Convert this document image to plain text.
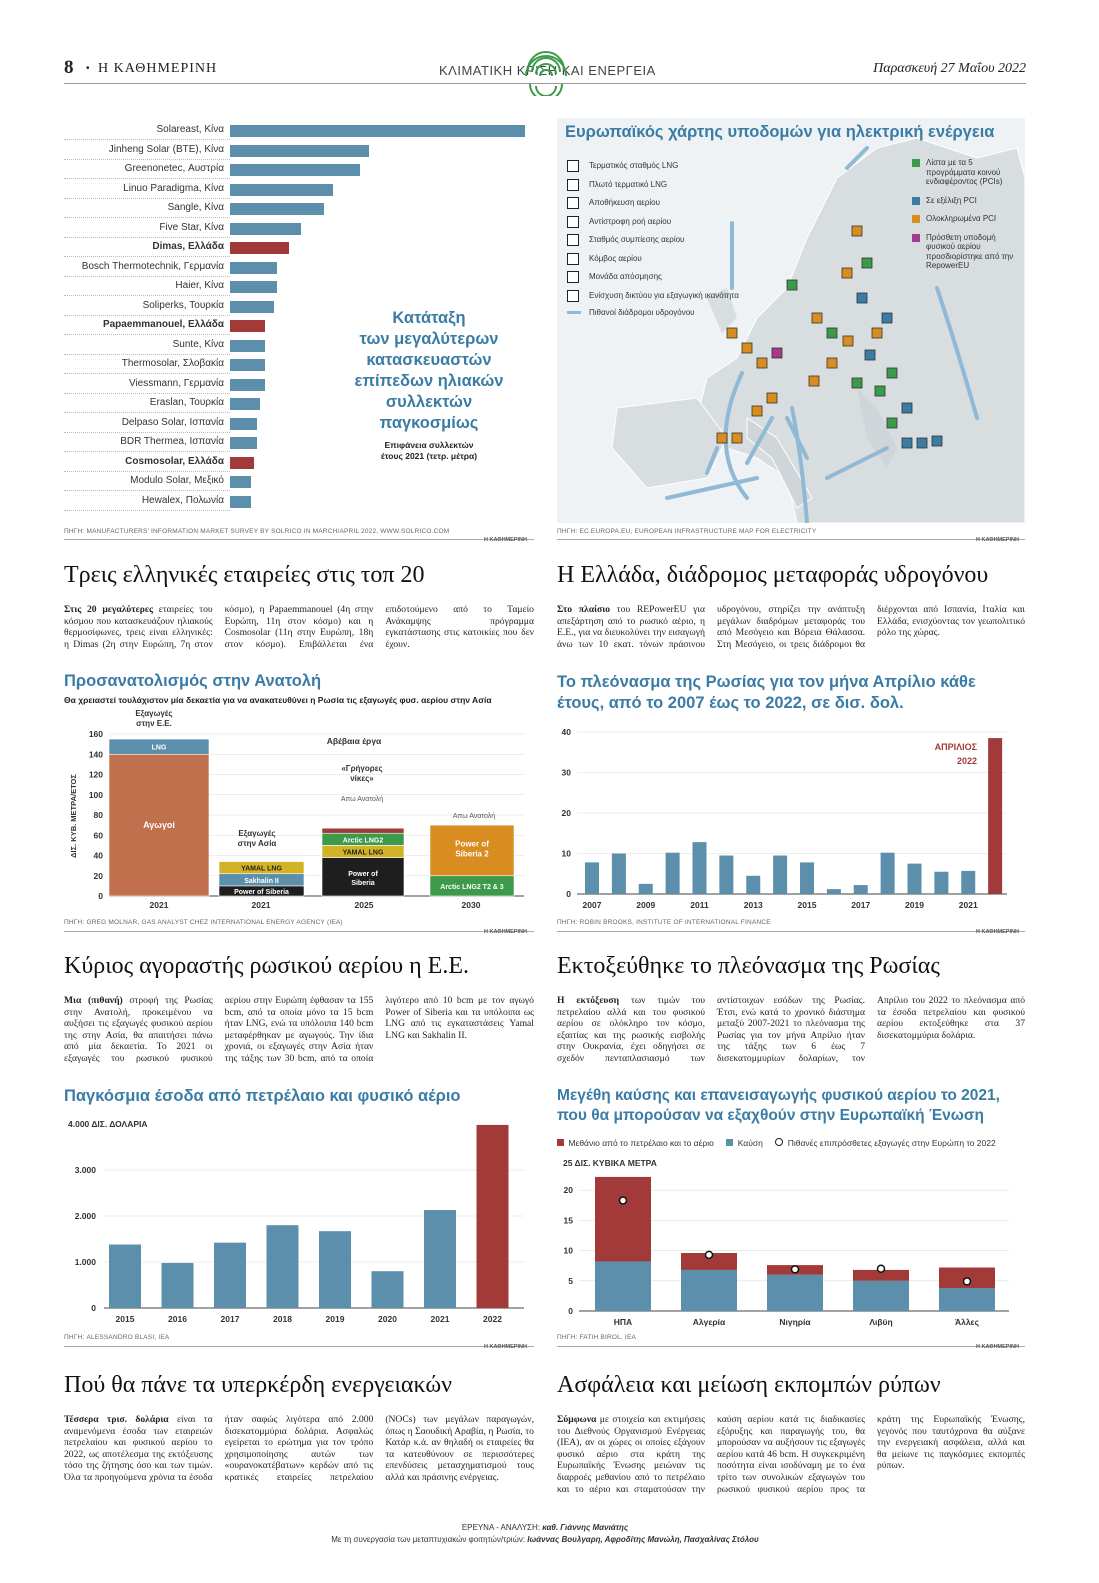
8 • Η ΚΑΘΗΜΕΡΙΝΗ	ΚΛΙΜΑΤΙΚΗ ΚΡΙΣΗ ΚΑΙ ΕΝΕΡΓΕΙΑ	Παρασκευή 27 Μαΐου 2022
Solareast, Κίνα
Jinheng Solar (BTE), Κίνα
Greenonetec, Αυστρία
Linuo Paradigma, Κίνα
Sangle, Κίνα
Five Star, Κίνα
Dimas, Ελλάδα
Bosch Thermotechnik, Γερμανία
Haier, Κίνα
Soliperks, Τουρκία
Papaemmanouel, Ελλάδα
Sunte, Κίνα
Thermosolar, Σλοβακία
Viessmann, Γερμανία
Eraslan, Τουρκία
Delpaso Solar, Ισπανία
BDR Thermea, Ισπανία
Cosmosolar, Ελλάδα
Modulo Solar, Μεξικό
Hewalex, Πολωνία
Κατάταξη
των μεγαλύτερων
κατασκευαστών
επίπεδων ηλιακών
συλλεκτών
παγκοσμίως
Επιφάνεια συλλεκτών
έτους 2021 (τετρ. μέτρα)
ΠΗΓΗ: MANUFACTURERS' INFORMATION MARKET SURVEY BY SOLRICO IN MARCH/APRIL 2022, WWW.SOLRICO.COM
Η ΚΑΘΗΜΕΡΙΝΗ
Ευρωπαϊκός χάρτης υποδομών για ηλεκτρική ενέργεια
Τερματικός σταθμός LNG
Πλωτό τερματικό LNG
Αποθήκευση αερίου
Αντίστροφη ροή αερίου
Σταθμός συμπίεσης αερίου
Κόμβος αερίου
Μονάδα απόσμησης
Ενίσχυση δικτύου για εξαγωγική ικανότητα
Πιθανοί διάδρομοι υδρογόνου
Λίστα με τα 5 προγράμματα κοινού ενδιαφέροντος (PCIs)
Σε εξέλιξη PCI
Ολοκληρωμένα PCI
Πρόσθετη υποδομή φυσικού αερίου προσδιορίστηκε από την RepowerEU
ΠΗΓΗ: EC.EUROPA.EU, EUROPEAN INFRASTRUCTURE MAP FOR ELECTRICITY
Η ΚΑΘΗΜΕΡΙΝΗ
Τρεις ελληνικές εταιρείες στις τοπ 20
Στις 20 μεγαλύτερες εταιρείες του κόσμου που κατασκευάζουν ηλιακούς θερμοσίφωνες, τρεις είναι ελληνικές: η Dimas (2η στην Ευρώπη, 7η στον κόσμο), η Papaemmanouel (4η στην Ευρώπη, 11η στον κόσμο) και η Cosmosolar (11η στην Ευρώπη, 18η στον κόσμο). Επιβάλλεται ένα επιδοτούμενο από το Ταμείο Ανάκαμψης πρόγραμμα εγκατάστασης στις κατοικίες που δεν έχουν.
Η Ελλάδα, διάδρομος μεταφοράς υδρογόνου
Στο πλαίσιο του REPowerEU για απεξάρτηση από το ρωσικό αέριο, η Ε.Ε., για να διευκολύνει την εισαγωγή άνω των 10 εκατ. τόνων πράσινου υδρογόνου, στηρίζει την ανάπτυξη μεγάλων διαδρόμων μεταφοράς του από Μεσόγειο και Βόρεια Θάλασσα. Στη Μεσόγειο, οι τρεις διάδρομοι θα διέρχονται από Ισπανία, Ιταλία και Ελλάδα, ενισχύοντας τον γεωπολιτικό ρόλο της χώρας.
Προσανατολισμός στην Ανατολή
Θα χρειαστεί τουλάχιστον μία δεκαετία για να ανακατευθύνει η Ρωσία τις εξαγωγές φυσ. αερίου στην Ασία
0
20
40
60
80
100
120
140
160
ΔΙΣ. ΚΥΒ. ΜΕΤΡΑ/ΕΤΟΣ	Αγωγοί
LNG
Power of Siberia
Sakhalin II
YAMAL LNG
Power of
Siberia
YAMAL LNG
Arctic LNG2
Arctic LNG2 T2 & 3
Power of
Siberia 2
2021	2021	2025	2030
Εξαγωγές
στην Ε.Ε.
Εξαγωγές
στην Ασία
«Γρήγορες
νίκες»
Απω Ανατολή
Αβέβαια έργα
Απω Ανατολή
ΠΗΓΗ: GREG MOLNAR, GAS ANALYST CHEZ INTERNATIONAL ENERGY AGENCY (IEA)
Η ΚΑΘΗΜΕΡΙΝΗ
Το πλεόνασμα της Ρωσίας για τον μήνα Απρίλιο κάθε έτους, από το 2007 έως το 2022, σε δισ. δολ.
0
10
20
30
40
2007	2009	2011	2013	2015	2017	2019	2021
ΑΠΡΙΛΙΟΣ
2022
ΠΗΓΗ: ROBIN BROOKS, INSTITUTE OF INTERNATIONAL FINANCE
Η ΚΑΘΗΜΕΡΙΝΗ
Κύριος αγοραστής ρωσικού αερίου η Ε.Ε.
Μια (πιθανή) στροφή της Ρωσίας στην Ανατολή, προκειμένου να αυξήσει τις εξαγωγές φυσικού αερίου της στην Ασία, θα απαιτήσει πάνω από μία δεκαετία. Το 2021 οι εξαγωγές του ρωσικού φυσικού αερίου στην Ευρώπη έφθασαν τα 155 bcm, από τα οποία μόνο τα 15 bcm ήταν LNG, ενώ τα υπόλοιπα 140 bcm μεταφέρθηκαν με αγωγούς. Την ίδια χρονιά, οι εξαγωγές στην Ασία ήταν της τάξης των 30 bcm, από τα οποία λιγότερο από 10 bcm με τον αγωγό Power of Siberia και τα υπόλοιπα ως LNG από τις εγκαταστάσεις Yamal LNG και Sakhalin II.
Εκτοξεύθηκε το πλεόνασμα της Ρωσίας
Η εκτόξευση των τιμών του πετρελαίου αλλά και του φυσικού αερίου σε ολόκληρο τον κόσμο, εξαιτίας και της ρωσικής εισβολής στην Ουκρανία, έχει οδηγήσει σε σχεδόν πενταπλασιασμό των αντίστοιχων εσόδων της Ρωσίας. Έτσι, ενώ κατά το χρονικό διάστημα μεταξύ 2007-2021 το πλεόνασμα της Ρωσίας για τον μήνα Απρίλιο ήταν της τάξης των 6 έως 7 δισεκατομμυρίων δολαρίων, τον Απρίλιο του 2022 το πλεόνασμα από τα έσοδα πετρελαίου και φυσικού αερίου εκτοξεύθηκε στα 37 δισεκατομμύρια δολάρια.
Παγκόσμια έσοδα από πετρέλαιο και φυσικό αέριο
0
1.000
2.000
3.000
4.000 ΔΙΣ. ΔΟΛΑΡΙΑ
2015	2016	2017	2018	2019	2020	2021	2022
ΠΗΓΗ: ALESSANDRO BLASI, IEA
Η ΚΑΘΗΜΕΡΙΝΗ
Μεγέθη καύσης και επανεισαγωγής φυσικού αερίου το 2021, που θα μπορούσαν να εξαχθούν στην Ευρωπαϊκή Ένωση
Μεθάνιο από το πετρέλαιο και το αέριο	Καύση	Πιθανές επιπρόσθετες εξαγωγές στην Ευρώπη το 2022
25 ΔΙΣ. ΚΥΒΙΚΑ ΜΕΤΡΑ
0
5
10
15
20
ΗΠΑ	Αλγερία	Νιγηρία	Λιβύη	Άλλες
ΠΗΓΗ: FATIH BIROL, IEA
Η ΚΑΘΗΜΕΡΙΝΗ
Πού θα πάνε τα υπερκέρδη ενεργειακών
Τέσσερα τρισ. δολάρια είναι τα αναμενόμενα έσοδα των εταιρειών πετρελαίου και φυσικού αερίου το 2022, ως αποτέλεσμα της εκτόξευσης τόσο της ζήτησης όσο και των τιμών. Όλα τα προηγούμενα χρόνια τα έσοδα ήταν σαφώς λιγότερα από 2.000 δισεκατομμύρια δολάρια. Ασφαλώς εγείρεται το ερώτημα για τον τρόπο χρησιμοποίησης αυτών των «ουρανοκατέβατων» κερδών από τις κρατικές εταιρείες πετρελαίου (NOCs) των μεγάλων παραγωγών, όπως η Σαουδική Αραβία, η Ρωσία, το Κατάρ κ.ά. αν θηλαδή οι εταιρείες θα τα κατευθύνουν σε περισσότερες επενδύσεις μετασχηματισμού τους αλλά και πράσινης ενέργειας.
Ασφάλεια και μείωση εκπομπών ρύπων
Σύμφωνα με στοιχεία και εκτιμήσεις του Διεθνούς Οργανισμού Ενέργειας (IEA), αν οι χώρες οι οποίες εξάγουν φυσικό αέριο στα κράτη της Ευρωπαϊκής Ένωσης μειώναν τις διαρροές μεθανίου από το πετρέλαιο και το αέριο και σταματούσαν την καύση αερίου κατά τις διαδικασίες εξόρυξης και παραγωγής του, θα μπορούσαν να αυξήσουν τις εξαγωγές αερίου κατά 46 bcm. Η συγκεκριμένη ποσότητα είναι ισοδύναμη με το ένα τρίτο των συνολικών εξαγωγών του ρωσικού φυσικού αερίου προς τα κράτη της Ευρωπαϊκής Ένωσης, γεγονός που ταυτόχρονα θα αύξανε την ενεργειακή ασφάλεια, αλλά και θα μείωνε τις παγκόσμιες εκπομπές ρύπων.
ΕΡΕΥΝΑ - ΑΝΑΛΥΣΗ: καθ. Γιάννης Μανιάτης
Με τη συνεργασία των μεταπτυχιακών φοιτητών/τριών: Ιωάννας Βουλγαρη, Αφροδίτης Μανώλη, Πασχαλίνας Στόλου
